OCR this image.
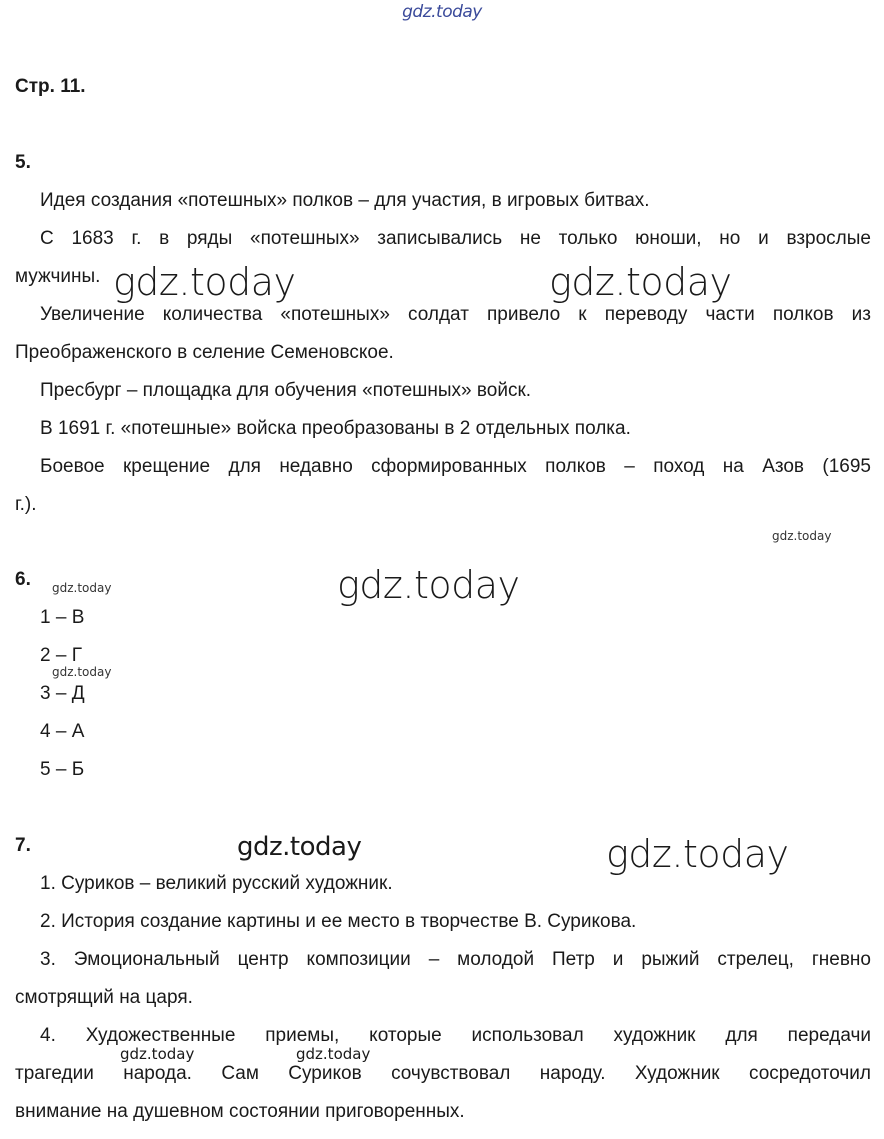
gdz.today
Стр. 11.
5.
Идея создания «потешных» полков – для участия, в игровых битвах.
С 1683 г. в ряды «потешных» записывались не только юноши, но и взрослые
мужчины.
Увеличение количества «потешных» солдат привело к переводу части полков из
Преображенского в селение Семеновское.
Пресбург – площадка для обучения «потешных» войск.
В 1691 г. «потешные» войска преобразованы в 2 отдельных полка.
Боевое крещение для недавно сформированных полков – поход на Азов (1695
г.).
6.
1 – В
2 – Г
3 – Д
4 – А
5 – Б
7.
1. Суриков – великий русский художник.
2. История создание картины и ее место в творчестве В. Сурикова.
3. Эмоциональный центр композиции – молодой Петр и рыжий стрелец, гневно
смотрящий на царя.
4. Художественные приемы, которые использовал художник для передачи
трагедии народа. Сам Суриков сочувствовал народу. Художник сосредоточил
внимание на душевном состоянии приговоренных.
gdz.today	gdz.today
gdz.today
gdz.today	gdz.today
gdz.today
gdz.today	gdz.today
gdz.today	gdz.today
